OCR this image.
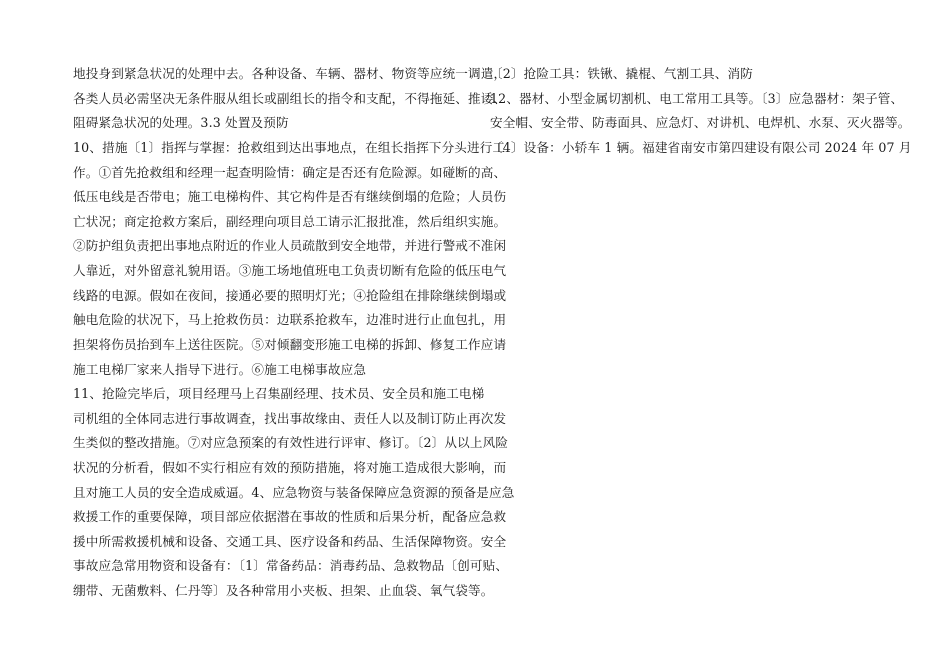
地投身到紧急状况的处理中去。各种设备、车辆、器材、物资等应统一调遣，
各类人员必需坚决无条件服从组长或副组长的指令和支配，不得拖延、推诿、
阻碍紧急状况的处理。3.3 处置及预防
10、措施〔1〕指挥与掌握：抢救组到达出事地点，在组长指挥下分头进行工
作。①首先抢救组和经理一起查明险情：确定是否还有危险源。如碰断的高、
低压电线是否带电；施工电梯构件、其它构件是否有继续倒塌的危险；人员伤
亡状况；商定抢救方案后，副经理向项目总工请示汇报批准，然后组织实施。
②防护组负责把出事地点附近的作业人员疏散到安全地带，并进行警戒不准闲
人靠近，对外留意礼貌用语。③施工场地值班电工负责切断有危险的低压电气
线路的电源。假如在夜间，接通必要的照明灯光；④抢险组在排除继续倒塌或
触电危险的状况下，马上抢救伤员：边联系抢救车，边准时进行止血包扎，用
担架将伤员抬到车上送往医院。⑤对倾翻变形施工电梯的拆卸、修复工作应请
施工电梯厂家来人指导下进行。⑥施工电梯事故应急
11、抢险完毕后，项目经理马上召集副经理、技术员、安全员和施工电梯
司机组的全体同志进行事故调查，找出事故缘由、责任人以及制订防止再次发
生类似的整改措施。⑦对应急预案的有效性进行评审、修订。〔2〕从以上风险
状况的分析看，假如不实行相应有效的预防措施，将对施工造成很大影响，而
且对施工人员的安全造成威逼。4、应急物资与装备保障应急资源的预备是应急
救援工作的重要保障，项目部应依据潜在事故的性质和后果分析，配备应急救
援中所需救援机械和设备、交通工具、医疗设备和药品、生活保障物资。安全
事故应急常用物资和设备有：〔1〕常备药品：消毒药品、急救物品〔创可贴、
绷带、无菌敷料、仁丹等〕及各种常用小夹板、担架、止血袋、氧气袋等。
〔2〕抢险工具：铁锹、撬棍、气割工具、消防
12、器材、小型金属切割机、电工常用工具等。〔3〕应急器材：架子管、
安全帽、安全带、防毒面具、应急灯、对讲机、电焊机、水泵、灭火器等。
〔4〕设备：小轿车 1 辆。福建省南安市第四建设有限公司 2024 年 07 月
